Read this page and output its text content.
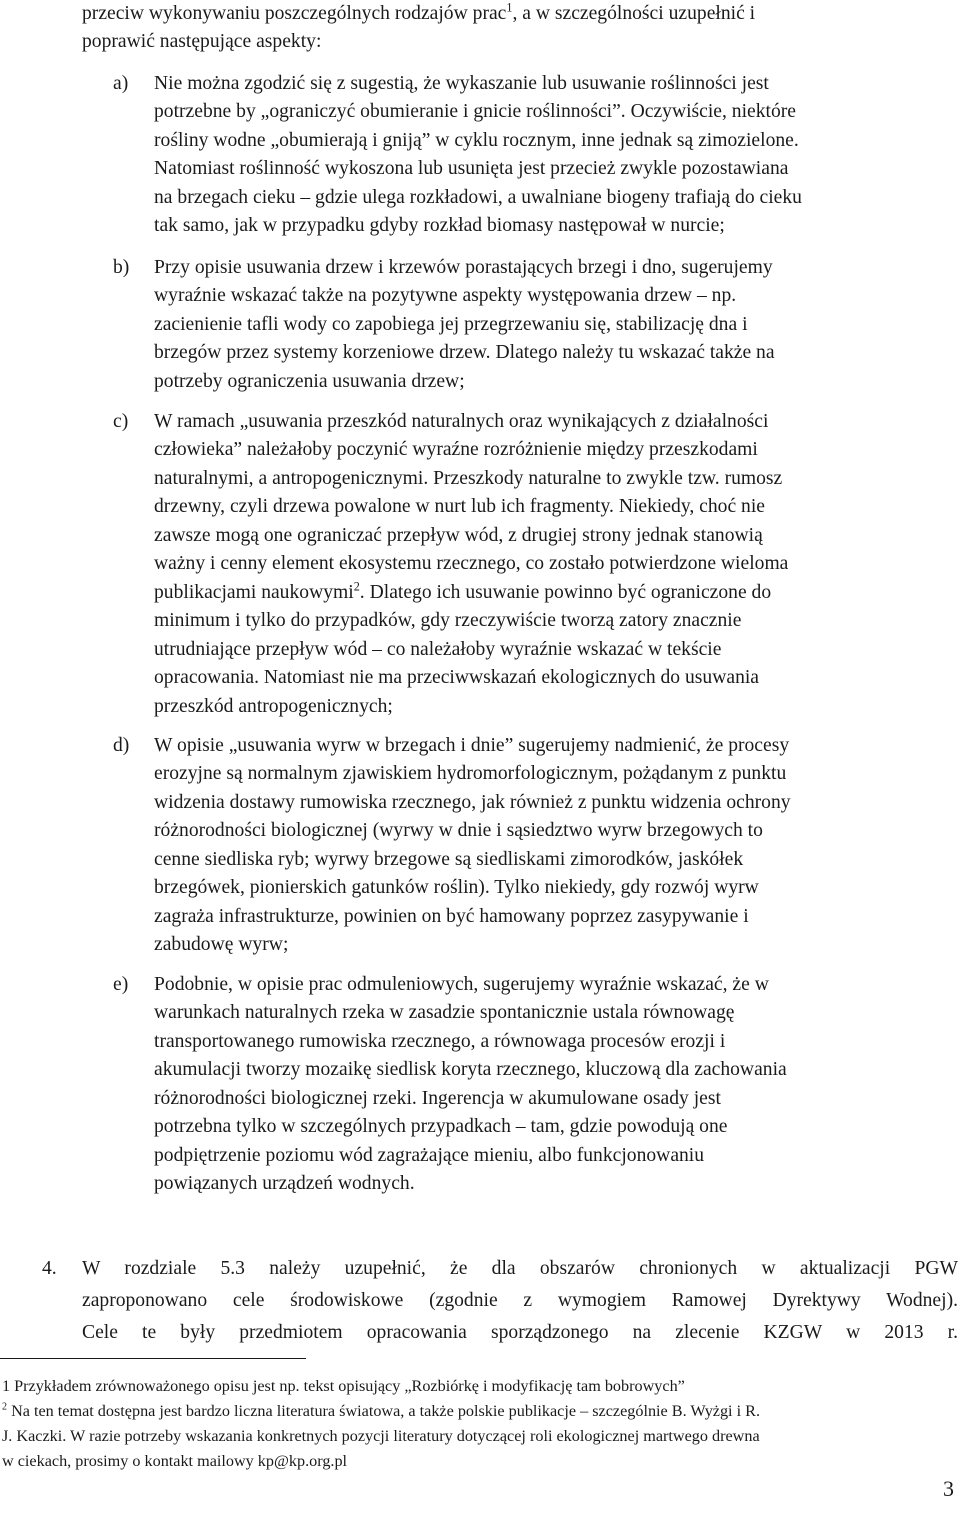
przeciw wykonywaniu poszczególnych rodzajów prac$^1$, a w szczególności uzupełnić i
poprawić następujące aspekty:
a) Nie można zgodzić się z sugestią, że wykaszanie lub usuwanie roślinności jest
potrzebne by „ograniczyć obumieranie i gnicie roślinności”. Oczywiście, niektóre
rośliny wodne „obumierają i gniją” w cyklu rocznym, inne jednak są zimozielone.
Natomiast roślinność wykoszona lub usunięta jest przecież zwykle pozostawiana
na brzegach cieku – gdzie ulega rozkładowi, a uwalniane biogeny trafiają do cieku
tak samo, jak w przypadku gdyby rozkład biomasy następował w nurcie;
b) Przy opisie usuwania drzew i krzewów porastających brzegi i dno, sugerujemy
wyraźnie wskazać także na pozytywne aspekty występowania drzew – np.
zacienienie tafli wody co zapobiega jej przegrzewaniu się, stabilizację dna i
brzegów przez systemy korzeniowe drzew. Dlatego należy tu wskazać także na
potrzeby ograniczenia usuwania drzew;
c) W ramach „usuwania przeszkód naturalnych oraz wynikających z działalności
człowieka” należałoby poczynić wyraźne rozróżnienie między przeszkodami
naturalnymi, a antropogenicznymi. Przeszkody naturalne to zwykle tzw. rumosz
drzewny, czyli drzewa powalone w nurt lub ich fragmenty. Niekiedy, choć nie
zawsze mogą one ograniczać przepływ wód, z drugiej strony jednak stanowią
ważny i cenny element ekosystemu rzecznego, co zostało potwierdzone wieloma
publikacjami naukowymi$^2$. Dlatego ich usuwanie powinno być ograniczone do
minimum i tylko do przypadków, gdy rzeczywiście tworzą zatory znacznie
utrudniające przepływ wód – co należałoby wyraźnie wskazać w tekście
opracowania. Natomiast nie ma przeciwwskazań ekologicznych do usuwania
przeszkód antropogenicznych;
d) W opisie „usuwania wyrw w brzegach i dnie” sugerujemy nadmienić, że procesy
erozyjne są normalnym zjawiskiem hydromorfologicznym, pożądanym z punktu
widzenia dostawy rumowiska rzecznego, jak również z punktu widzenia ochrony
różnorodności biologicznej (wyrwy w dnie i sąsiedztwo wyrw brzegowych to
cenne siedliska ryb; wyrwy brzegowe są siedliskami zimorodków, jaskółek
brzegówek, pionierskich gatunków roślin). Tylko niekiedy, gdy rozwój wyrw
zagraża infrastrukturze, powinien on być hamowany poprzez zasypywanie i
zabudowę wyrw;
e) Podobnie, w opisie prac odmuleniowych, sugerujemy wyraźnie wskazać, że w
warunkach naturalnych rzeka w zasadzie spontanicznie ustala równowagę
transportowanego rumowiska rzecznego, a równowaga procesów erozji i
akumulacji tworzy mozaikę siedlisk koryta rzecznego, kluczową dla zachowania
różnorodności biologicznej rzeki. Ingerencja w akumulowane osady jest
potrzebna tylko w szczególnych przypadkach – tam, gdzie powodują one
podpiętrzenie poziomu wód zagrażające mieniu, albo funkcjonowaniu
powiązanych urządzeń wodnych.
4. W rozdziale 5.3 należy uzupełnić, że dla obszarów chronionych w aktualizacji PGW
zaproponowano cele środowiskowe (zgodnie z wymogiem Ramowej Dyrektywy Wodnej).
Cele te były przedmiotem opracowania sporządzonego na zlecenie KZGW w 2013 r.
1 Przykładem zrównoważonego opisu jest np. tekst opisujący „Rozbiórkę i modyfikację tam bobrowych”
$^2$ Na ten temat dostępna jest bardzo liczna literatura światowa, a także polskie publikacje – szczególnie B. Wyżgi i R.
J. Kaczki. W razie potrzeby wskazania konkretnych pozycji literatury dotyczącej roli ekologicznej martwego drewna
w ciekach, prosimy o kontakt mailowy kp@kp.org.pl
3
